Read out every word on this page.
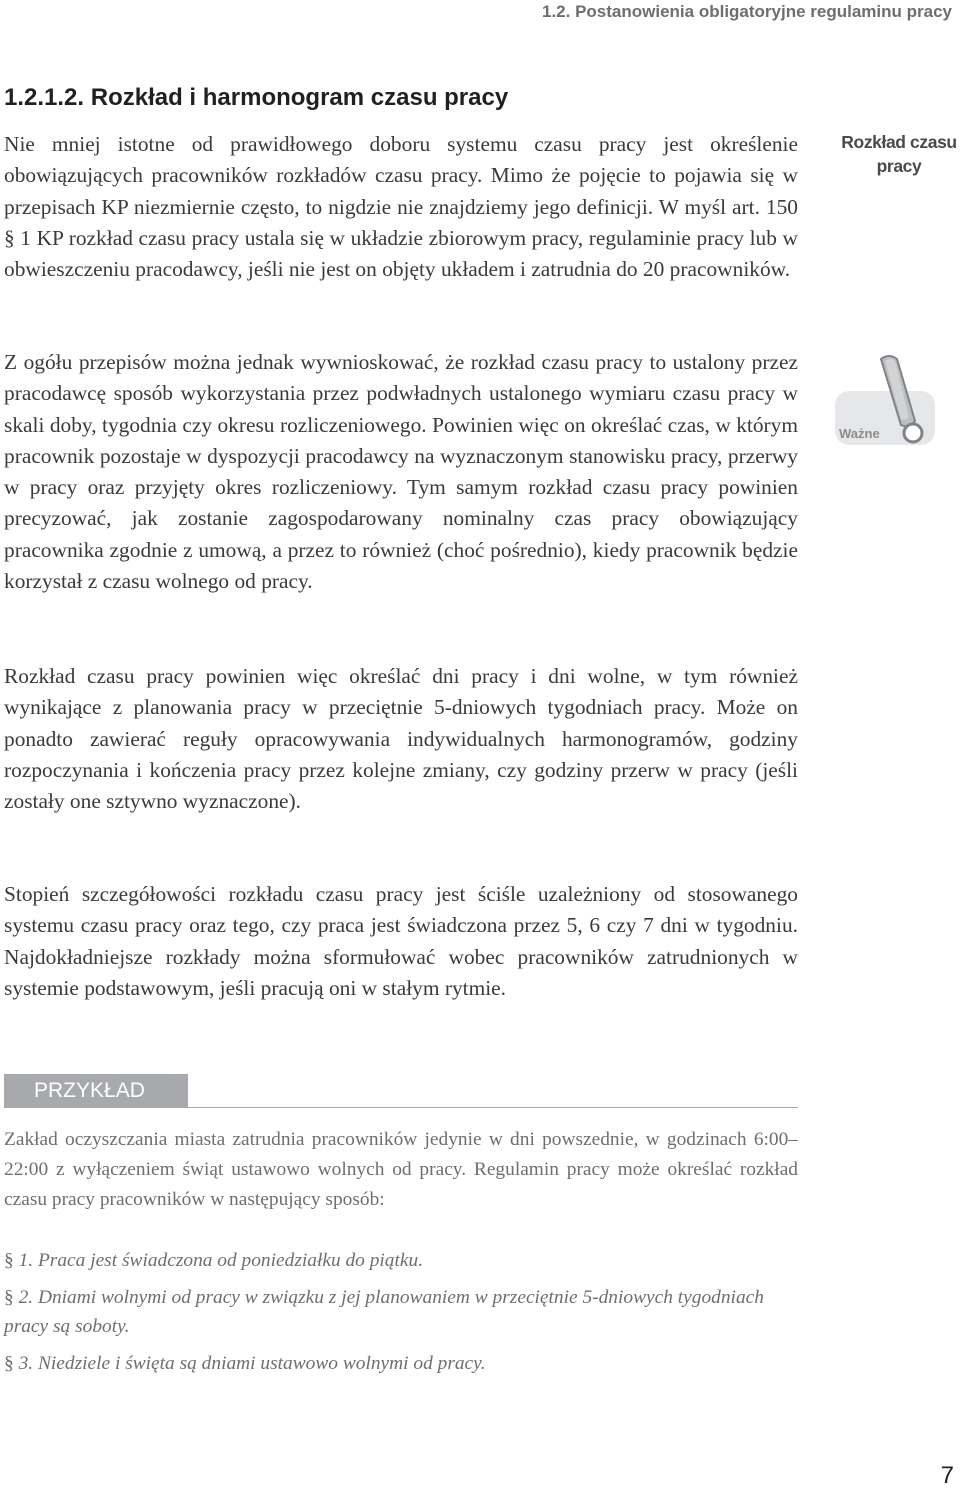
1.2. Postanowienia obligatoryjne regulaminu pracy
1.2.1.2. Rozkład i harmonogram czasu pracy

Nie mniej istotne od prawidłowego doboru systemu czasu pracy jest określenie obowiązujących pracowników rozkładów czasu pracy. Mimo że pojęcie to pojawia się w przepisach KP niezmiernie często, to nigdzie nie znajdziemy jego definicji. W myśl art. 150 § 1 KP rozkład czasu pracy ustala się w układzie zbiorowym pracy, regulaminie pracy lub w obwieszczeniu pracodawcy, jeśli nie jest on objęty układem i zatrudnia do 20 pracowników.

Rozkład czasu
pracy

Z ogółu przepisów można jednak wywnioskować, że rozkład czasu pracy to ustalony przez pracodawcę sposób wykorzystania przez podwładnych ustalonego wymiaru czasu pracy w skali doby, tygodnia czy okresu rozliczeniowego. Powinien więc on określać czas, w którym pracownik pozostaje w dyspozycji pracodawcy na wyznaczonym stanowisku pracy, przerwy w pracy oraz przyjęty okres rozliczeniowy. Tym samym rozkład czasu pracy powinien precyzować, jak zostanie zagospodarowany nominalny czas pracy obowiązujący pracownika zgodnie z umową, a przez to również (choć pośrednio), kiedy pracownik będzie korzystał z czasu wolnego od pracy.

Ważne

Rozkład czasu pracy powinien więc określać dni pracy i dni wolne, w tym również wynikające z planowania pracy w przeciętnie 5-dniowych tygodniach pracy. Może on ponadto zawierać reguły opracowywania indywidualnych harmonogramów, godziny rozpoczynania i kończenia pracy przez kolejne zmiany, czy godziny przerw w pracy (jeśli zostały one sztywno wyznaczone).

Stopień szczegółowości rozkładu czasu pracy jest ściśle uzależniony od stosowanego systemu czasu pracy oraz tego, czy praca jest świadczona przez 5, 6 czy 7 dni w tygodniu. Najdokładniejsze rozkłady można sformułować wobec pracowników zatrudnionych w systemie podstawowym, jeśli pracują oni w stałym rytmie.

PRZYKŁAD

Zakład oczyszczania miasta zatrudnia pracowników jedynie w dni powszednie, w godzinach 6:00–22:00 z wyłączeniem świąt ustawowo wolnych od pracy. Regulamin pracy może określać rozkład czasu pracy pracowników w następujący sposób:

§ 1. Praca jest świadczona od poniedziałku do piątku.
§ 2. Dniami wolnymi od pracy w związku z jej planowaniem w przeciętnie 5-dniowych tygodniach pracy są soboty.
§ 3. Niedziele i święta są dniami ustawowo wolnymi od pracy.
7
